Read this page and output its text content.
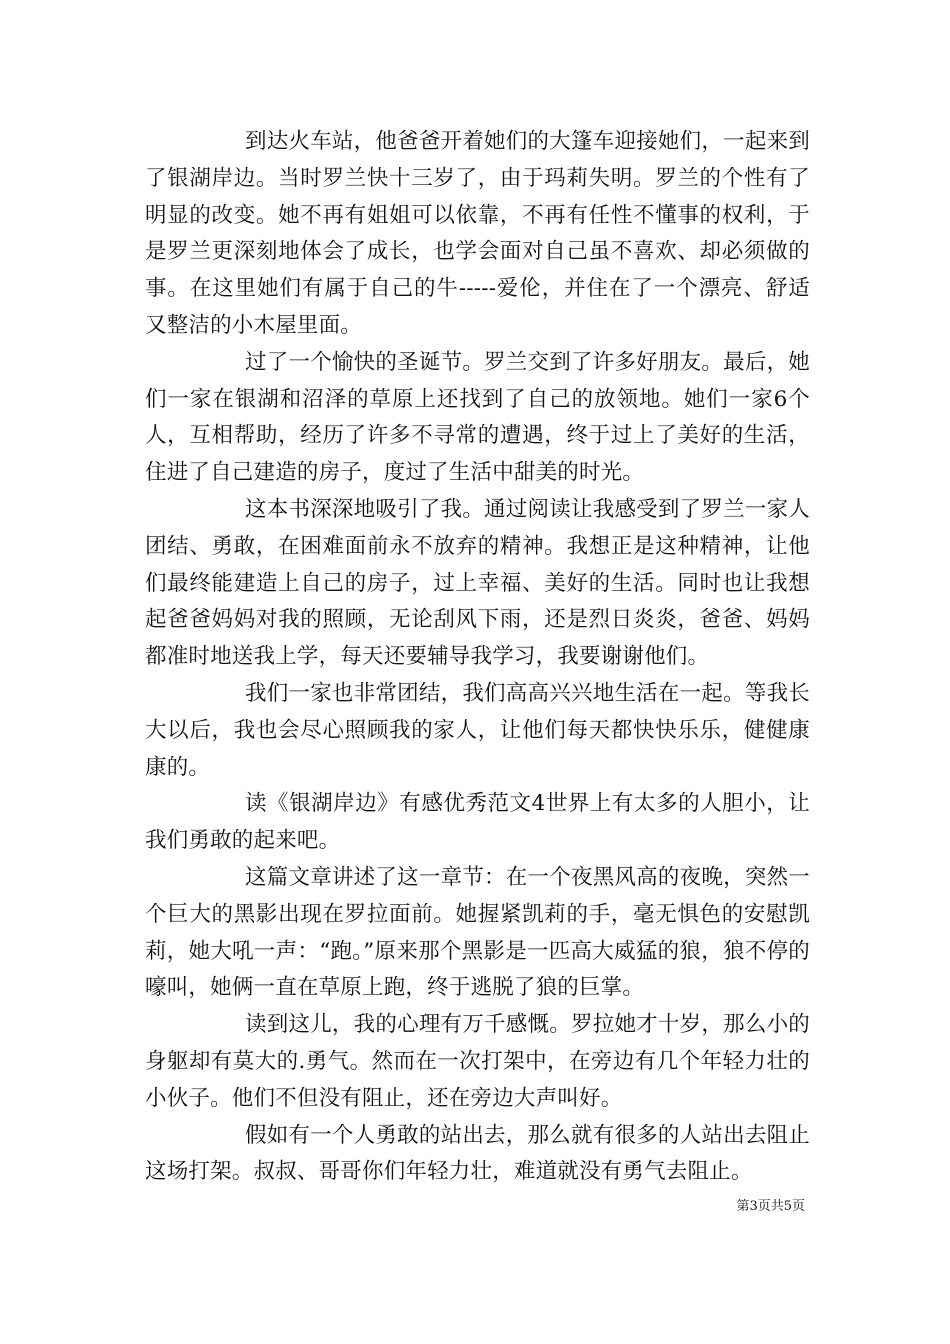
到达火车站，他爸爸开着她们的大篷车迎接她们，一起来到了银湖岸边。当时罗兰快十三岁了，由于玛莉失明。罗兰的个性有了明显的改变。她不再有姐姐可以依靠，不再有任性不懂事的权利，于是罗兰更深刻地体会了成长，也学会面对自己虽不喜欢、却必须做的事。在这里她们有属于自己的牛-----爱伦，并住在了一个漂亮、舒适又整洁的小木屋里面。

过了一个愉快的圣诞节。罗兰交到了许多好朋友。最后，她们一家在银湖和沼泽的草原上还找到了自己的放领地。她们一家6个人，互相帮助，经历了许多不寻常的遭遇，终于过上了美好的生活，住进了自己建造的房子，度过了生活中甜美的时光。

这本书深深地吸引了我。通过阅读让我感受到了罗兰一家人团结、勇敢，在困难面前永不放弃的精神。我想正是这种精神，让他们最终能建造上自己的房子，过上幸福、美好的生活。同时也让我想起爸爸妈妈对我的照顾，无论刮风下雨，还是烈日炎炎，爸爸、妈妈都准时地送我上学，每天还要辅导我学习，我要谢谢他们。

我们一家也非常团结，我们高高兴兴地生活在一起。等我长大以后，我也会尽心照顾我的家人，让他们每天都快快乐乐，健健康康的。

读《银湖岸边》有感优秀范文4世界上有太多的人胆小，让我们勇敢的起来吧。

这篇文章讲述了这一章节：在一个夜黑风高的夜晚，突然一个巨大的黑影出现在罗拉面前。她握紧凯莉的手，毫无惧色的安慰凯莉，她大吼一声：“跑。”原来那个黑影是一匹高大威猛的狼，狼不停的嚎叫，她俩一直在草原上跑，终于逃脱了狼的巨掌。

读到这儿，我的心理有万千感慨。罗拉她才十岁，那么小的身躯却有莫大的.勇气。然而在一次打架中，在旁边有几个年轻力壮的小伙子。他们不但没有阻止，还在旁边大声叫好。

假如有一个人勇敢的站出去，那么就有很多的人站出去阻止这场打架。叔叔、哥哥你们年轻力壮，难道就没有勇气去阻止。

第3页共5页
